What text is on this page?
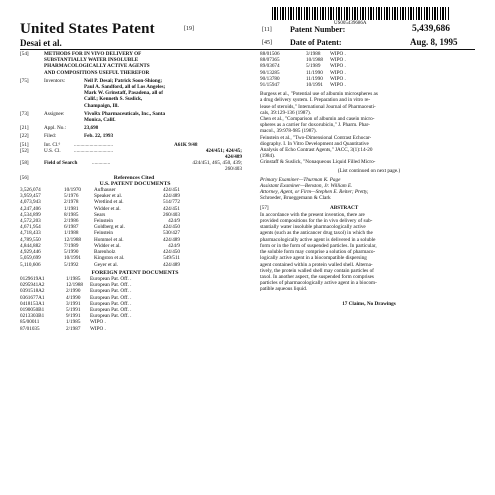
US005439686A
United States Patent	[19]
Desai et al.
[11] Patent Number:	5,439,686
[45] Date of Patent:	Aug. 8, 1995
[54]	METHODS FOR IN VIVO DELIVERY OF
SUBSTANTIALLY WATER INSOLUBLE
PHARMACOLOGICALLY ACTIVE AGENTS
AND COMPOSITIONS USEFUL THEREFOR
[75]	Inventors:	Neil P. Desai; Patrick Soon-Shiong;
Paul A. Sandford, all of Los Angeles;
Mark W. Grinstaff, Pasadena, all of
Calif.; Kenneth S. Suslick,
Champaign, Ill.
[73]	Assignee:	VivoRx Pharmaceuticals, Inc., Santa
Monica, Calif.
[21]	Appl. No.:	23,698
[22]	Filed:	Feb. 22, 1993
[51]	Int. Cl.⁶	..............................	A61K 9/48
[52]	U.S. Cl.	..............................	424/451; 424/45;
424/489
[58]	Field of Search	..............	424/451, 465, 450, 439;
260/403
[56]	References Cited
U.S. PATENT DOCUMENTS
3,526,074	10/1970	Aufhauser	424/451
3,959,457	5/1976	Speaker et al.	424/489
4,073,943	2/1978	Wretlind et al.	514/772
4,247,406	1/1981	Widder et al.	424/451
4,534,899	8/1985	Sears	260/403
4,572,203	2/1986	Feinstein	424/9
4,671,954	6/1987	Goldberg et al.	424/450
4,718,433	1/1988	Feinstein	530/427
4,789,550	12/1988	Hommel et al.	424/489
4,844,882	7/1989	Widder et al.	424/9
4,929,446	5/1990	Barenholz	424/450
5,059,699	10/1991	Kingston et al.	549/511
5,110,606	5/1992	Geyer et al.	424/489
FOREIGN PATENT DOCUMENTS
0129619A1	1/1985	European Pat. Off. .
0295941A2	12/1988	European Pat. Off. .
0391518A2	2/1990	European Pat. Off. .
0361677A1	4/1990	European Pat. Off. .
0418153A1	3/1991	European Pat. Off. .
0190050B1	5/1991	European Pat. Off. .
0213303B1	9/1991	European Pat. Off. .
85/00011	1/1985	WIPO .
87/01035	2/1987	WIPO .
88/01506	3/1988	WIPO .
88/07365	10/1988	WIPO .
89/03674	5/1989	WIPO .
90/13285	11/1990	WIPO .
90/13780	11/1990	WIPO .
91/15947	10/1991	WIPO .
Burgess et al., "Potential use of albumin microspheres as
a drug delivery system. I. Preparation and in vitro re-
lease of steroids," International Journal of Pharmaceuti-
cals, 39:129-136 (1987).
Chen et al., "Comparison of albumin and casein micro-
spheres as a carrier for doxorubicin," J. Pharm. Phar-
macol., 39:978-985 (1987).
Feinstein et al., "Two-Dimensional Contrast Echocar-
diography. I. In Vitro Development and Quantitative
Analysis of Echo Contrast Agents," JACC, 3(1):14-20
(1984).
Grinstaff & Suslick, "Nonaqueous Liquid Filled Micro-
(List continued on next page.)
Primary Examiner—Thurman K. Page
Assistant Examiner—Benston, Jr. William E.
Attorney, Agent, or Firm—Stephen E. Reiter; Pretty,
Schroeder, Brueggemann & Clark
[57]	ABSTRACT
In accordance with the present invention, there are
provided compositions for the in vivo delivery of sub-
stantially water insoluble pharmacologically active
agents (such as the anticancer drug taxol) in which the
pharmacologically active agent is delivered in a soluble
form or in the form of suspended particles. In particular,
the soluble form may comprise a solution of pharmaco-
logically active agent in a biocompatible dispersing
agent contained within a protein walled shell. Alterna-
tively, the protein walled shell may contain particles of
taxol. In another aspect, the suspended form comprises
particles of pharmacologically active agent in a biocom-
patible aqueous liquid.
17 Claims, No Drawings
